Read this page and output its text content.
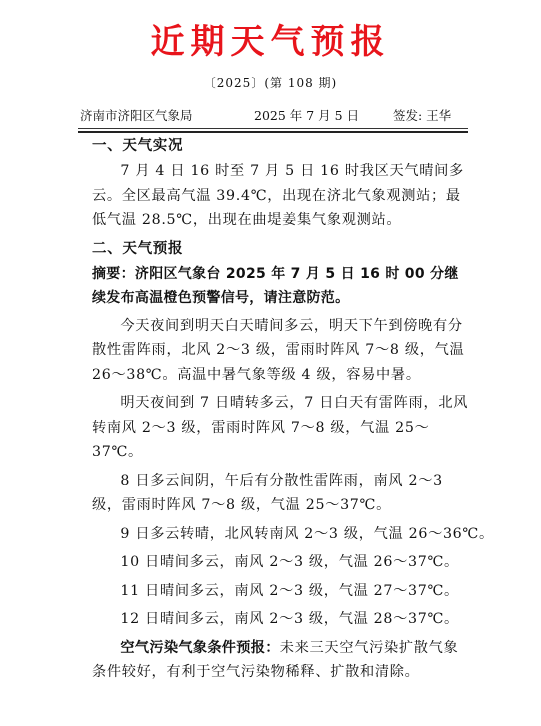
近期天气预报
〔2025〕(第 108 期)
济南市济阳区气象局	2025 年 7 月 5 日	签发: 王华

一、天气实况

7 月 4 日 16 时至 7 月 5 日 16 时我区天气晴间多云。全区最高气温 39.4℃，出现在济北气象观测站；最低气温 28.5℃，出现在曲堤姜集气象观测站。

二、天气预报

摘要：济阳区气象台 2025 年 7 月 5 日 16 时 00 分继续发布高温橙色预警信号，请注意防范。

今天夜间到明天白天晴间多云，明天下午到傍晚有分散性雷阵雨，北风 2～3 级，雷雨时阵风 7～8 级，气温 26～38℃。高温中暑气象等级 4 级，容易中暑。

明天夜间到 7 日晴转多云，7 日白天有雷阵雨，北风转南风 2～3 级，雷雨时阵风 7～8 级，气温 25～37℃。

8 日多云间阴，午后有分散性雷阵雨，南风 2～3 级，雷雨时阵风 7～8 级，气温 25～37℃。

9 日多云转晴，北风转南风 2～3 级，气温 26～36℃。

10 日晴间多云，南风 2～3 级，气温 26～37℃。

11 日晴间多云，南风 2～3 级，气温 27～37℃。

12 日晴间多云，南风 2～3 级，气温 28～37℃。

空气污染气象条件预报：未来三天空气污染扩散气象条件较好，有利于空气污染物稀释、扩散和清除。
